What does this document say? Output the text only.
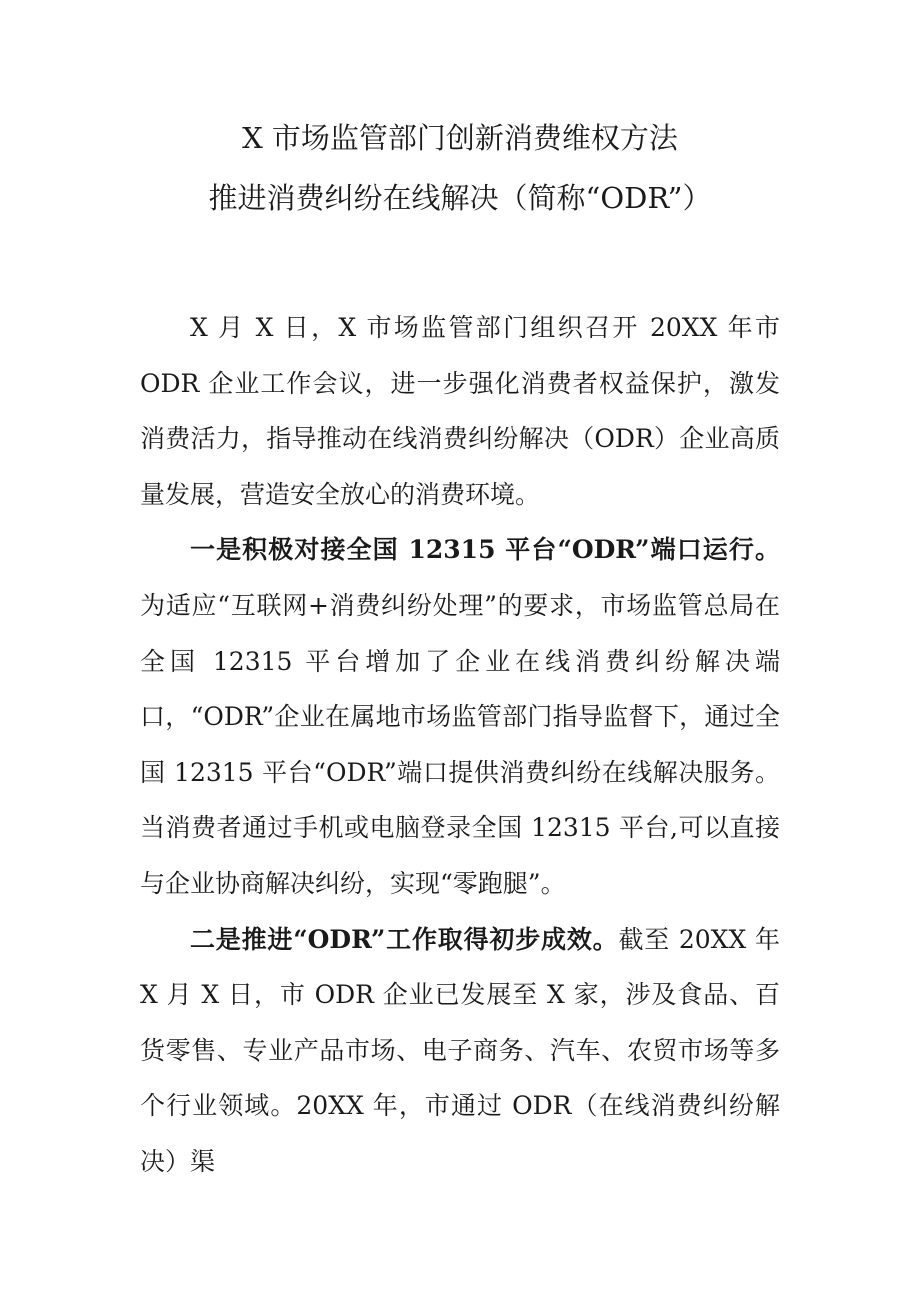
X 市场监管部门创新消费维权方法
推进消费纠纷在线解决（简称“ODR”）

X 月 X 日，X 市场监管部门组织召开 20XX 年市 ODR 企业工作会议，进一步强化消费者权益保护，激发消费活力，指导推动在线消费纠纷解决（ODR）企业高质量发展，营造安全放心的消费环境。

一是积极对接全国 12315 平台“ODR”端口运行。为适应“互联网+消费纠纷处理”的要求，市场监管总局在全国 12315 平台增加了企业在线消费纠纷解决端口，“ODR”企业在属地市场监管部门指导监督下，通过全国 12315 平台“ODR”端口提供消费纠纷在线解决服务。当消费者通过手机或电脑登录全国 12315 平台,可以直接与企业协商解决纠纷，实现“零跑腿”。

二是推进“ODR”工作取得初步成效。截至 20XX 年 X 月 X 日，市 ODR 企业已发展至 X 家，涉及食品、百货零售、专业产品市场、电子商务、汽车、农贸市场等多个行业领域。20XX 年，市通过 ODR（在线消费纠纷解决）渠
